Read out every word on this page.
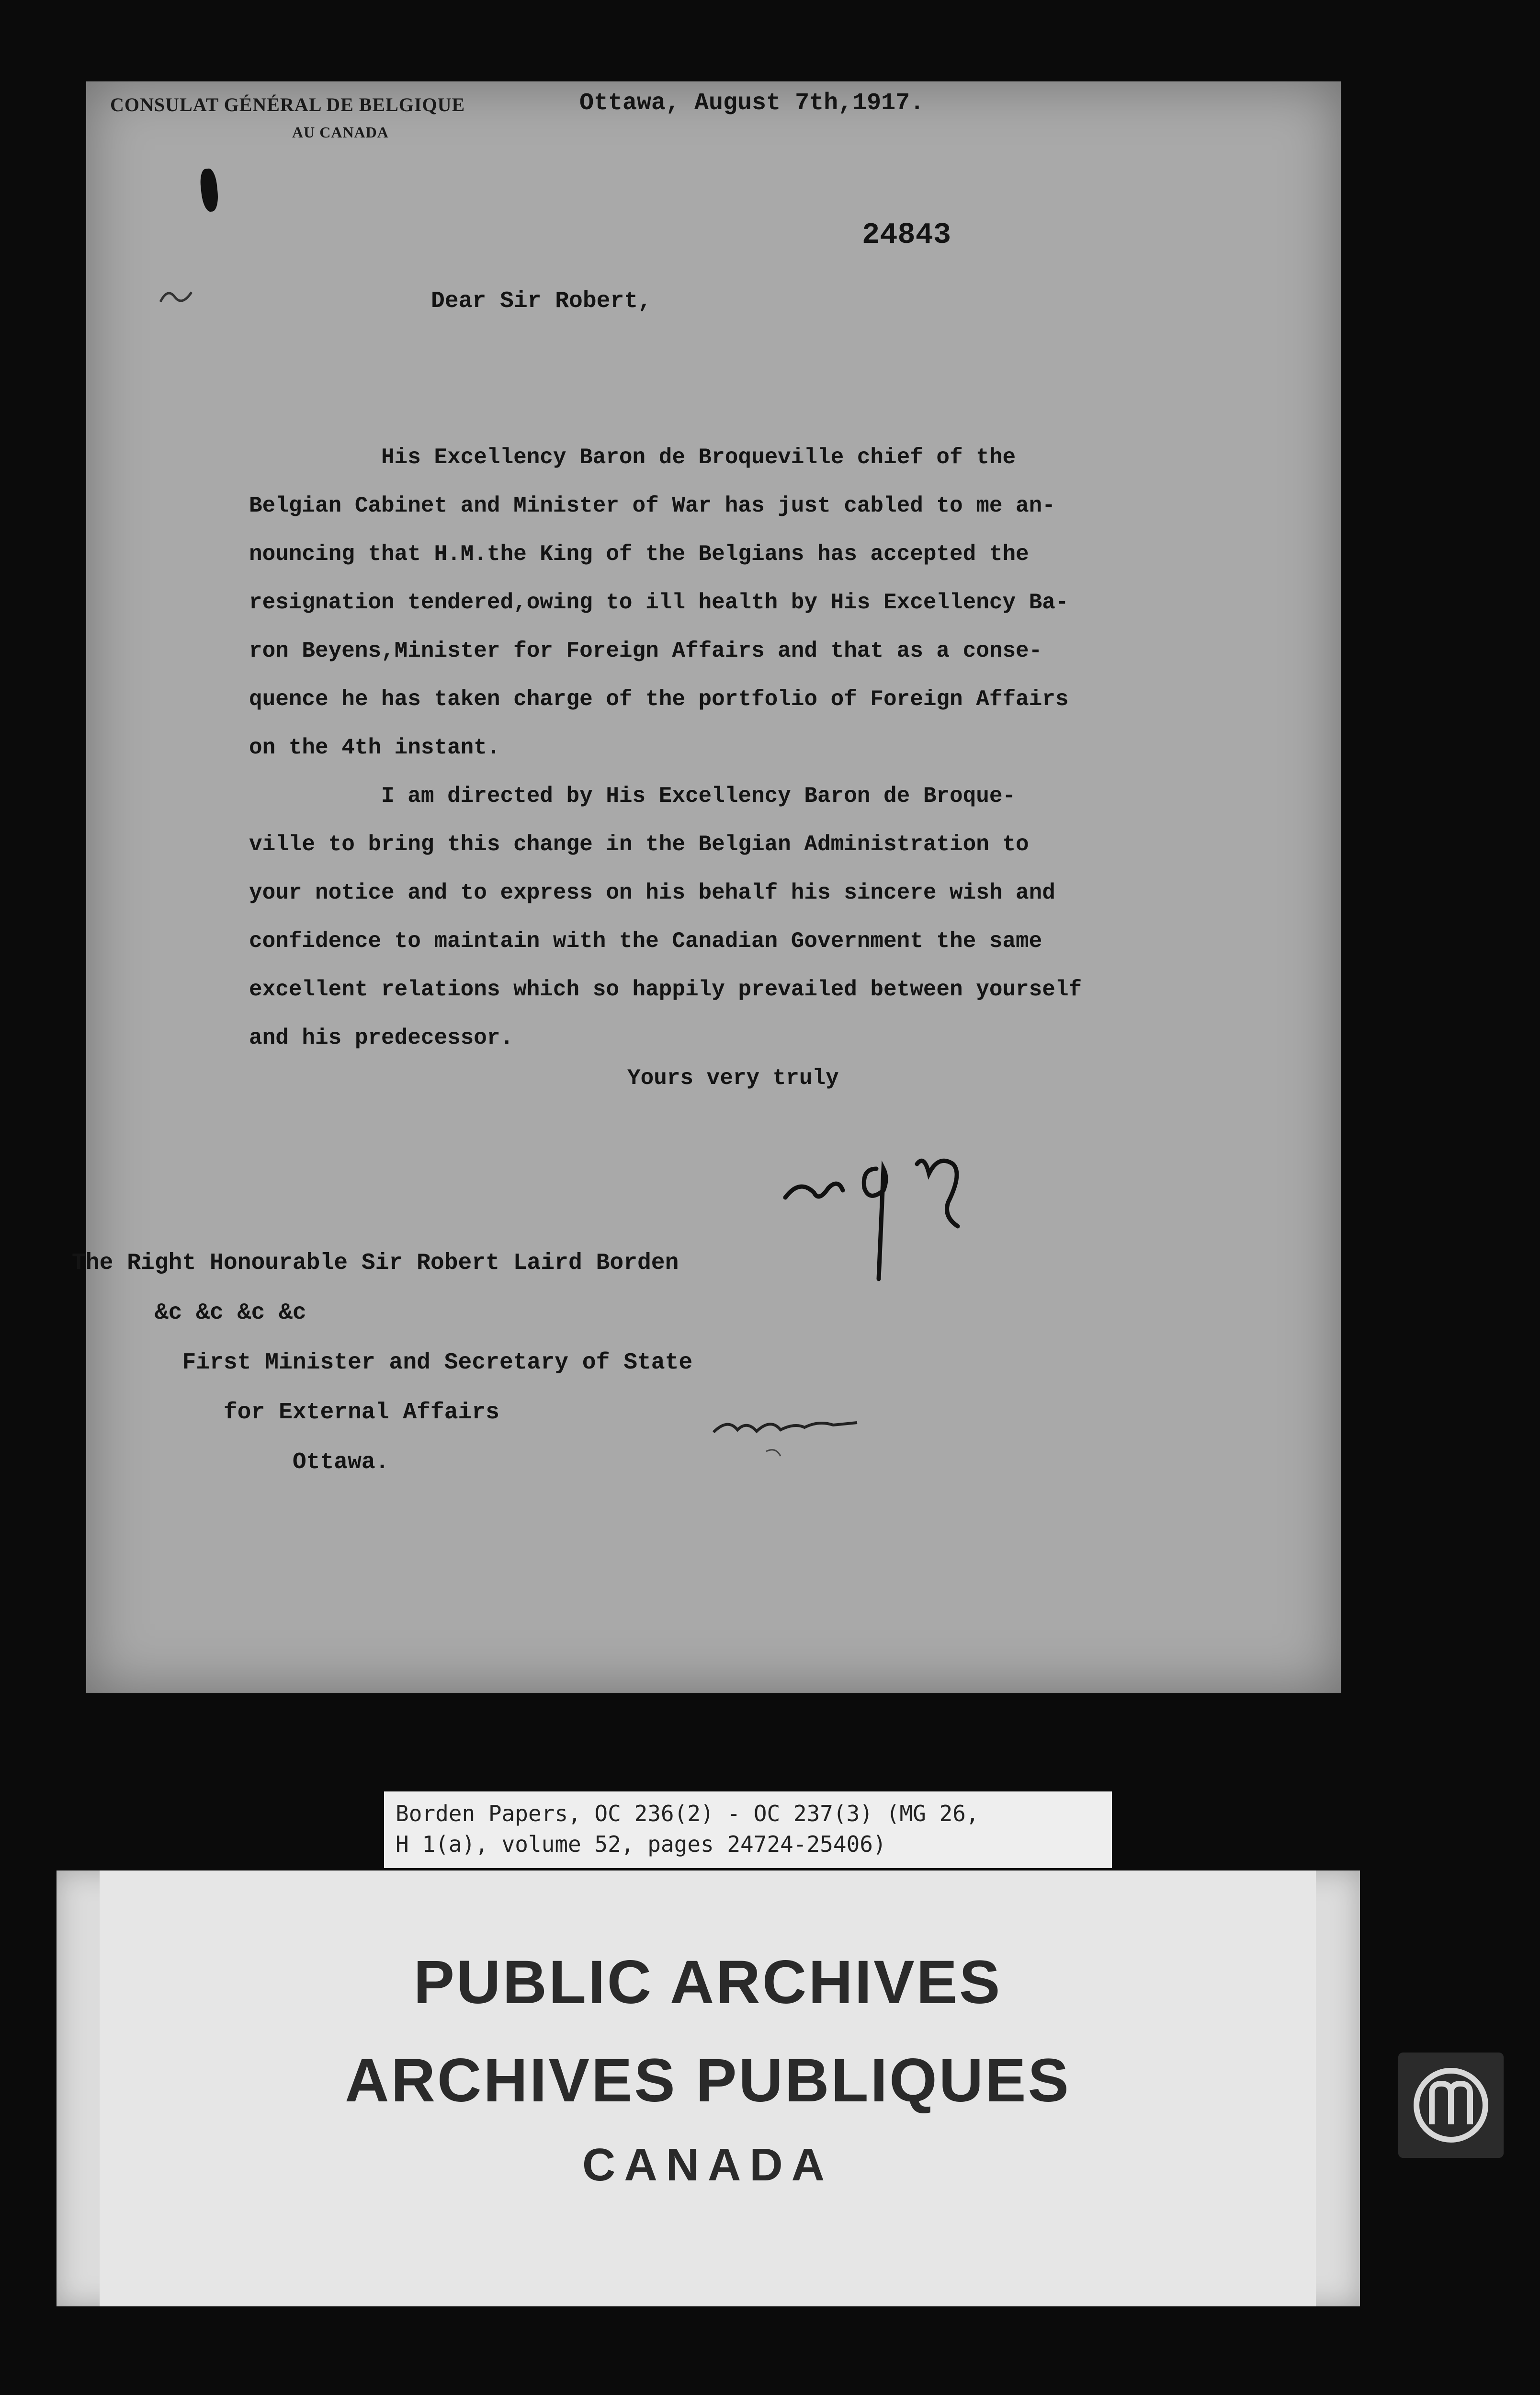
CONSULAT GÉNÉRAL DE BELGIQUE
AU CANADA
Ottawa, August 7th,1917.
24843
Dear Sir Robert,
His Excellency Baron de Broqueville chief of the
Belgian Cabinet and Minister of War has just cabled to me an-
nouncing that H.M.the King of the Belgians has accepted the
resignation tendered,owing to ill health by His Excellency Ba-
ron Beyens,Minister for Foreign Affairs and that as a conse-
quence he has taken charge of the portfolio of Foreign Affairs
on the 4th instant.
I am directed by His Excellency Baron de Broque-
ville to bring this change in the Belgian Administration to
your notice and to express on his behalf his sincere wish and
confidence to maintain with the Canadian Government the same
excellent relations which so happily prevailed between yourself
and his predecessor.
Yours very truly
The Right Honourable Sir Robert Laird Borden
&c &c &c &c
First Minister and Secretary of State
for External Affairs
Ottawa.
Borden Papers, OC 236(2) - OC 237(3) (MG 26,
H 1(a), volume 52, pages 24724-25406)
PUBLIC ARCHIVES
ARCHIVES PUBLIQUES
CANADA
